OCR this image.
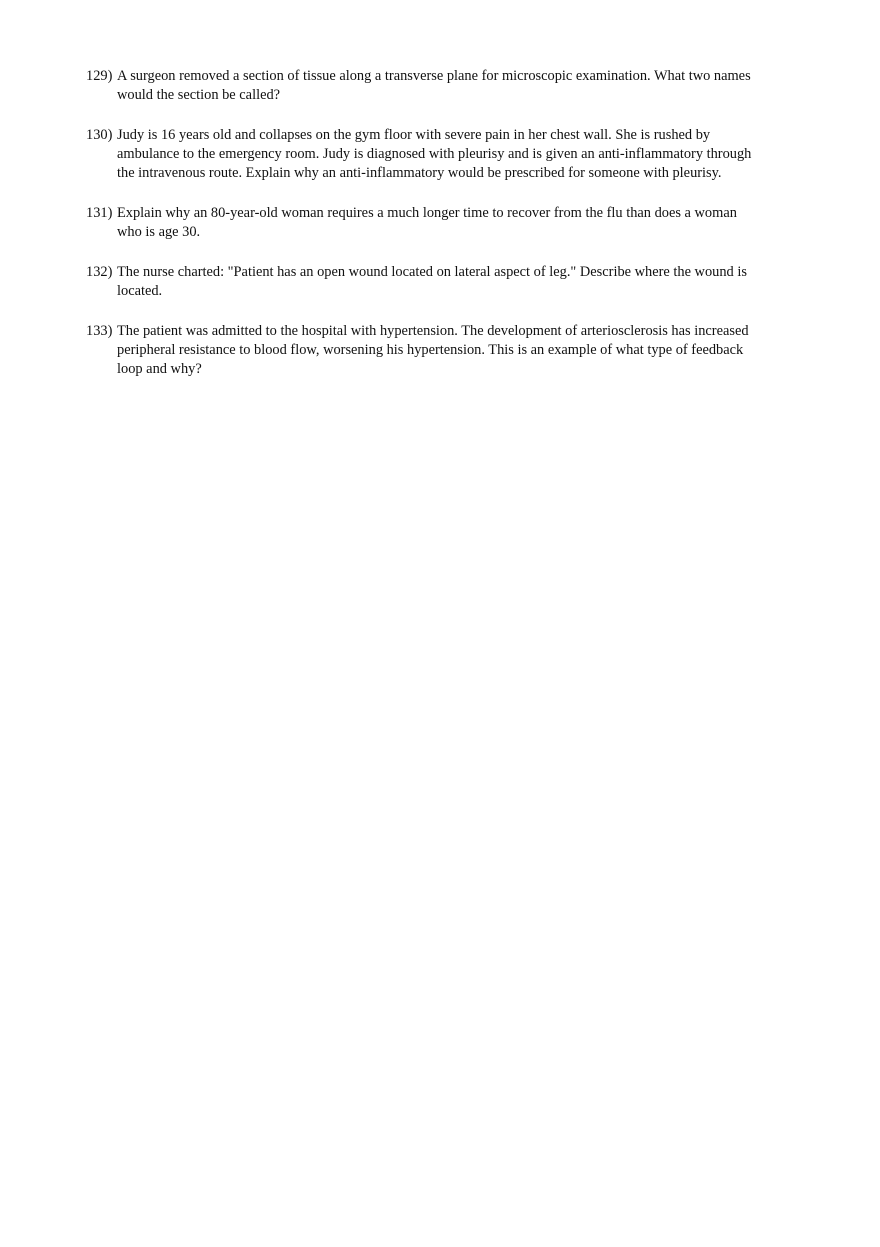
129) A surgeon removed a section of tissue along a transverse plane for microscopic examination. What two names
would the section be called?
130) Judy is 16 years old and collapses on the gym floor with severe pain in her chest wall. She is rushed by
ambulance to the emergency room. Judy is diagnosed with pleurisy and is given an anti-inflammatory through
the intravenous route. Explain why an anti-inflammatory would be prescribed for someone with pleurisy.
131) Explain why an 80-year-old woman requires a much longer time to recover from the flu than does a woman
who is age 30.
132) The nurse charted: "Patient has an open wound located on lateral aspect of leg." Describe where the wound is
located.
133) The patient was admitted to the hospital with hypertension. The development of arteriosclerosis has increased
peripheral resistance to blood flow, worsening his hypertension. This is an example of what type of feedback
loop and why?
